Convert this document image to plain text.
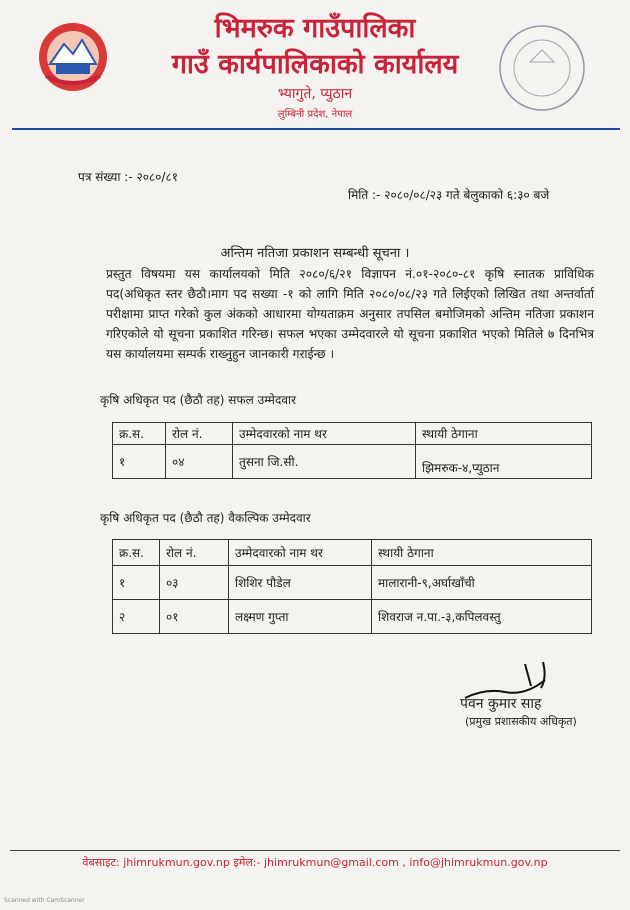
भिमरुक गाउँपालिका
गाउँ कार्यपालिकाको कार्यालय
भ्यागुते, प्युठान
लुम्बिनी प्रदेश, नेपाल
पत्र संख्या :- २०८०/८१
मिति :- २०८०/०८/२३ गते बेलुकाको ६:३० बजे
अन्तिम नतिजा प्रकाशन सम्बन्धी सूचना ।
प्रस्तुत विषयमा यस कार्यालयको मिति २०८०/६/२१ विज्ञापन नं.०१-२०८०-८१ कृषि स्नातक प्राविधिक पद(अधिकृत स्तर छैठौ।माग पद सख्या -१ को लागि मिति २०८०/०८/२३ गते लिईएको लिखित तथा अन्तर्वार्ता परीक्षामा प्राप्त गरेको कुल अंकको आधारमा योग्यताक्रम अनुसार तपसिल बमोजिमको अन्तिम नतिजा प्रकाशन गरिएकोले यो सूचना प्रकाशित गरिन्छ। सफल भएका उम्मेदवारले यो सूचना प्रकाशित भएको मितिले ७ दिनभित्र यस कार्यालयमा सम्पर्क राख्नुहुन जानकारी गराईन्छ ।
कृषि अधिकृत पद (छैठौ तह) सफल उम्मेदवार
क्र.स.	रोल नं.	उम्मेदवारको नाम थर	स्थायी ठेगाना
१	०४	तुसना जि.सी.	झिमरुक-४,प्युठान
कृषि अधिकृत पद (छैठौ तह) वैकल्पिक उम्मेदवार
क्र.स.	रोल नं.	उम्मेदवारको नाम थर	स्थायी ठेगाना
१	०३	शिशिर पौडेल	मालारानी-९,अर्घाखाँची
२	०१	लक्ष्मण गुप्ता	शिवराज न.पा.-३,कपिलवस्तु
पवन कुमार साह
(प्रमुख प्रशासकीय अधिकृत)
वेबसाइट: jhimrukmun.gov.np इमेल:- jhimrukmun@gmail.com , info@jhimrukmun.gov.np
Scanned with CamScanner
